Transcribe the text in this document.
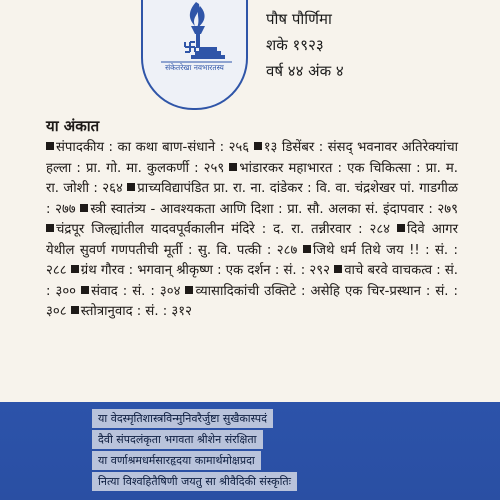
संकेतरेखा नवभारतस्य
पौष पौर्णिमा
शके १९२३
वर्ष ४४ अंक ४
या अंकात
संपादकीय : का कथा बाण-संधाने : २५६ १३ डिसेंबर : संसद् भवनावर अतिरेक्यांचा हल्ला : प्रा. गो. मा. कुलकर्णी : २५९ भांडारकर महाभारत : एक चिकित्सा : प्रा. म. रा. जोशी : २६४ प्राच्यविद्यापंडित प्रा. रा. ना. दांडेकर : वि. वा. चंद्रशेखर पां. गाडगीळ : २७७ स्त्री स्वातंत्र्य - आवश्यकता आणि दिशा : प्रा. सौ. अलका सं. इंदापवार : २७९ चंद्रपूर जिल्ह्यांतील यादवपूर्वकालीन मंदिरे : द. रा. तन्नीरवार : २८४ दिवे आगर येथील सुवर्ण गणपतीची मूर्ती : सु. वि. पत्की : २८७ जिथे धर्म तिथे जय !! : सं. : २८८ ग्रंथ गौरव : भगवान् श्रीकृष्ण : एक दर्शन : सं. : २९२ वाचे बरवे वाचकत्व : सं. : ३०० संवाद : सं. : ३०४ व्यासादिकांची उक्तिटे : असेहि एक चिर-प्रस्थान : सं. : ३०८ स्तोत्रानुवाद : सं. : ३१२
या वेदस्मृतिशास्त्रविन्मुनिवरैर्जुष्टा सुखैकास्पदं
दैवी संपदलंकृता भगवता श्रीशेन संरक्षिता
या वर्णाश्रमधर्मसारहृदया कामार्थमोक्षप्रदा
नित्या विश्वहितैषिणी जयतु सा श्रीवैदिकी संस्कृतिः
